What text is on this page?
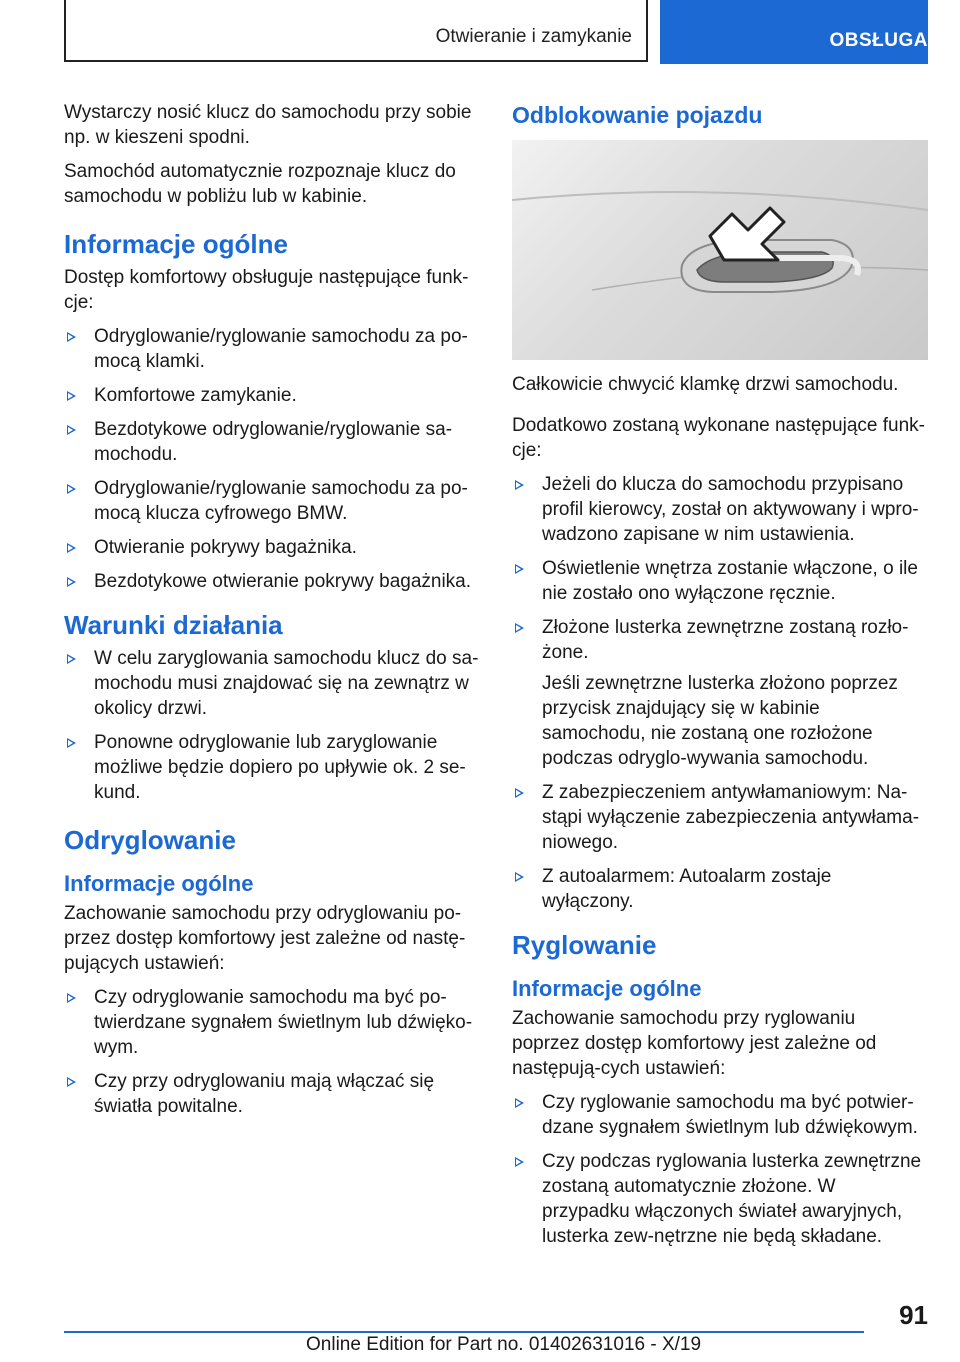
Otwieranie i zamykanie	OBSŁUGA

Wystarczy nosić klucz do samochodu przy sobie np. w kieszeni spodni.

Samochód automatycznie rozpoznaje klucz do samochodu w pobliżu lub w kabinie.

Informacje ogólne

Dostęp komfortowy obsługuje następujące funk‐cje:

Odryglowanie/ryglowanie samochodu za po‐mocą klamki.
Komfortowe zamykanie.
Bezdotykowe odryglowanie/ryglowanie sa‐mochodu.
Odryglowanie/ryglowanie samochodu za po‐mocą klucza cyfrowego BMW.
Otwieranie pokrywy bagażnika.
Bezdotykowe otwieranie pokrywy bagażnika.
Warunki działania
W celu zaryglowania samochodu klucz do sa‐mochodu musi znajdować się na zewnątrz w okolicy drzwi.
Ponowne odryglowanie lub zaryglowanie możliwe będzie dopiero po upływie ok. 2 se‐kund.
Odryglowanie
Informacje ogólne

Zachowanie samochodu przy odryglowaniu po‐przez dostęp komfortowy jest zależne od nastę‐pujących ustawień:

Czy odryglowanie samochodu ma być po‐twierdzane sygnałem świetlnym lub dźwięko‐wym.
Czy przy odryglowaniu mają włączać się światła powitalne.
Odblokowanie pojazdu

Całkowicie chwycić klamkę drzwi samochodu.

Dodatkowo zostaną wykonane następujące funk‐cje:

Jeżeli do klucza do samochodu przypisano profil kierowcy, został on aktywowany i wpro‐wadzono zapisane w nim ustawienia.
Oświetlenie wnętrza zostanie włączone, o ile nie zostało ono wyłączone ręcznie.
Złożone lusterka zewnętrzne zostaną rozło‐żone.
Jeśli zewnętrzne lusterka złożono poprzez przycisk znajdujący się w kabinie samochodu, nie zostaną one rozłożone podczas odryglo‐wywania samochodu.
Z zabezpieczeniem antywłamaniowym: Na‐stąpi wyłączenie zabezpieczenia antywłama‐niowego.
Z autoalarmem: Autoalarm zostaje wyłączony.
Ryglowanie
Informacje ogólne

Zachowanie samochodu przy ryglowaniu poprzez dostęp komfortowy jest zależne od następują‐cych ustawień:

Czy ryglowanie samochodu ma być potwier‐dzane sygnałem świetlnym lub dźwiękowym.
Czy podczas ryglowania lusterka zewnętrzne zostaną automatycznie złożone. W przypadku włączonych świateł awaryjnych, lusterka zew‐nętrzne nie będą składane.
91
Online Edition for Part no. 01402631016 - X/19
